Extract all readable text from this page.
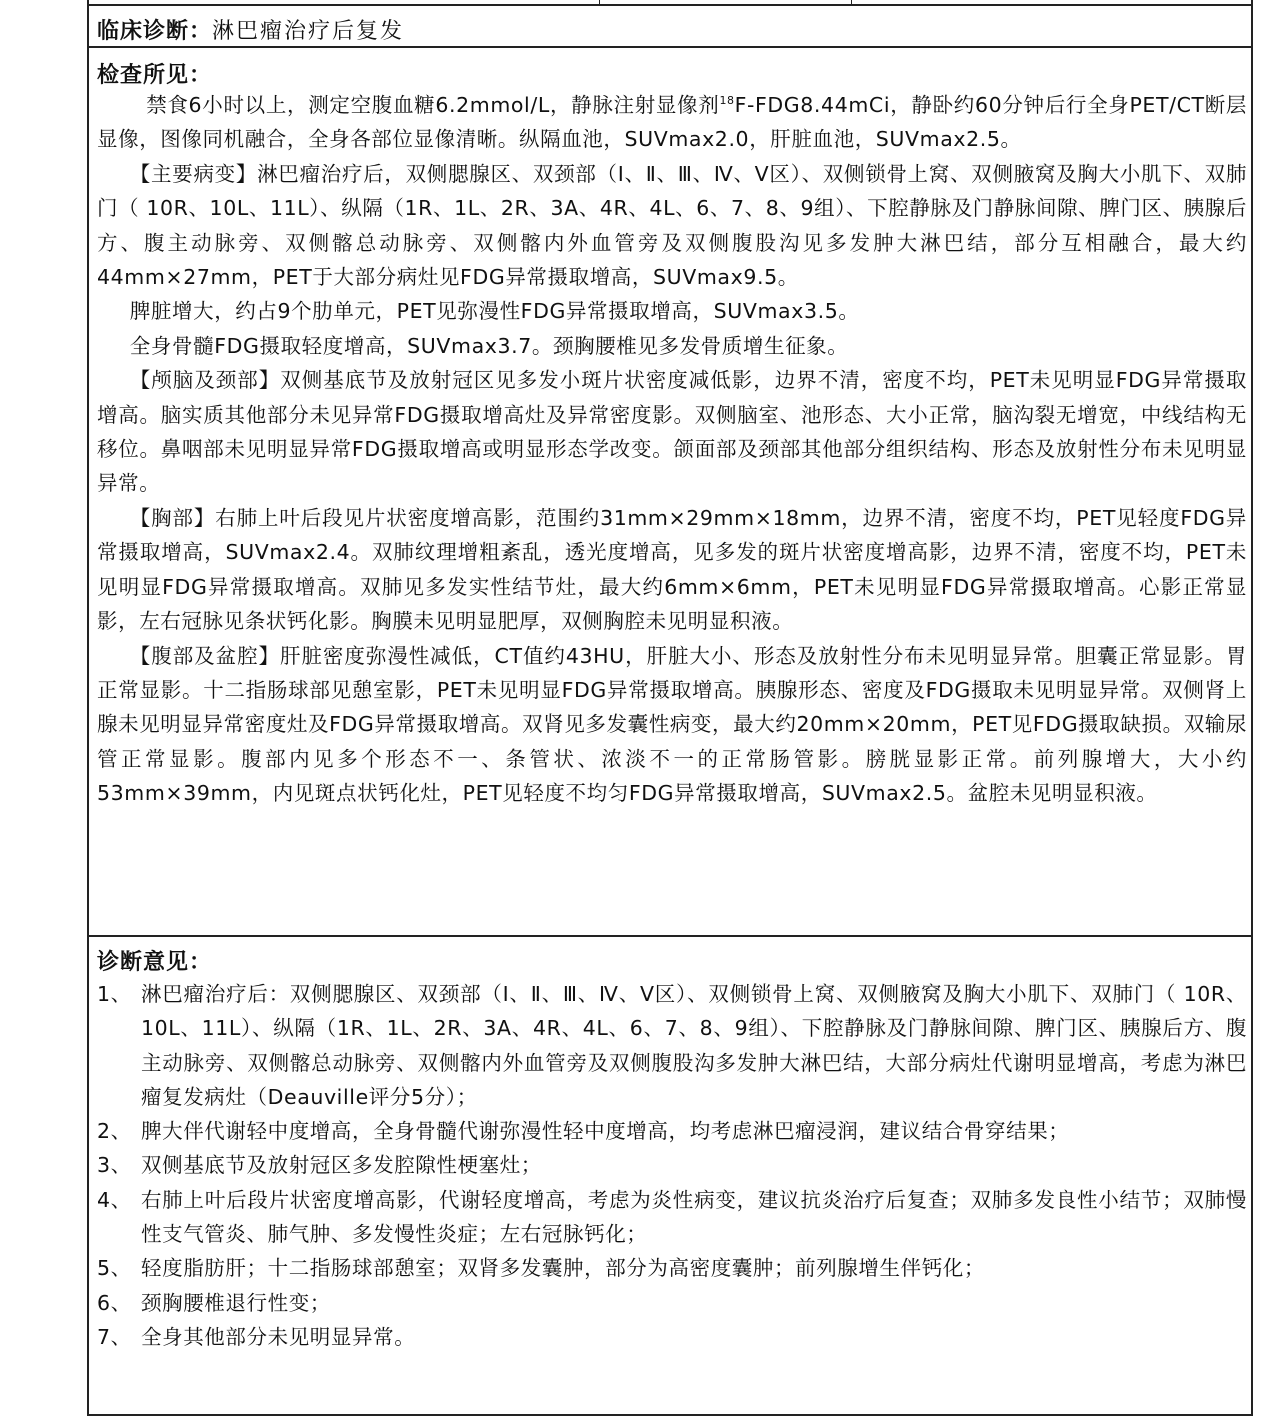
临床诊断：淋巴瘤治疗后复发
检查所见：

禁食6小时以上，测定空腹血糖6.2mmol/L，静脉注射显像剂$^{18}$F-FDG8.44mCi，静卧约60分钟后行全身PET/CT断层显像，图像同机融合，全身各部位显像清晰。纵隔血池，SUVmax2.0，肝脏血池，SUVmax2.5。

【主要病变】淋巴瘤治疗后，双侧腮腺区、双颈部（Ⅰ、Ⅱ、Ⅲ、Ⅳ、Ⅴ区）、双侧锁骨上窝、双侧腋窝及胸大小肌下、双肺门（ 10R、10L、11L）、纵隔（1R、1L、2R、3A、4R、4L、6、7、8、9组）、下腔静脉及门静脉间隙、脾门区、胰腺后方、腹主动脉旁、双侧髂总动脉旁、双侧髂内外血管旁及双侧腹股沟见多发肿大淋巴结，部分互相融合，最大约44mm×27mm，PET于大部分病灶见FDG异常摄取增高，SUVmax9.5。

脾脏增大，约占9个肋单元，PET见弥漫性FDG异常摄取增高，SUVmax3.5。

全身骨髓FDG摄取轻度增高，SUVmax3.7。颈胸腰椎见多发骨质增生征象。

【颅脑及颈部】双侧基底节及放射冠区见多发小斑片状密度减低影，边界不清，密度不均，PET未见明显FDG异常摄取增高。脑实质其他部分未见异常FDG摄取增高灶及异常密度影。双侧脑室、池形态、大小正常，脑沟裂无增宽，中线结构无移位。鼻咽部未见明显异常FDG摄取增高或明显形态学改变。颌面部及颈部其他部分组织结构、形态及放射性分布未见明显异常。

【胸部】右肺上叶后段见片状密度增高影，范围约31mm×29mm×18mm，边界不清，密度不均，PET见轻度FDG异常摄取增高，SUVmax2.4。双肺纹理增粗紊乱，透光度增高，见多发的斑片状密度增高影，边界不清，密度不均，PET未见明显FDG异常摄取增高。双肺见多发实性结节灶，最大约6mm×6mm，PET未见明显FDG异常摄取增高。心影正常显影，左右冠脉见条状钙化影。胸膜未见明显肥厚，双侧胸腔未见明显积液。

【腹部及盆腔】肝脏密度弥漫性减低，CT值约43HU，肝脏大小、形态及放射性分布未见明显异常。胆囊正常显影。胃正常显影。十二指肠球部见憩室影，PET未见明显FDG异常摄取增高。胰腺形态、密度及FDG摄取未见明显异常。双侧肾上腺未见明显异常密度灶及FDG异常摄取增高。双肾见多发囊性病变，最大约20mm×20mm，PET见FDG摄取缺损。双输尿管正常显影。腹部内见多个形态不一、条管状、浓淡不一的正常肠管影。膀胱显影正常。前列腺增大，大小约53mm×39mm，内见斑点状钙化灶，PET见轻度不均匀FDG异常摄取增高，SUVmax2.5。盆腔未见明显积液。

诊断意见：
1、 淋巴瘤治疗后：双侧腮腺区、双颈部（Ⅰ、Ⅱ、Ⅲ、Ⅳ、Ⅴ区）、双侧锁骨上窝、双侧腋窝及胸大小肌下、双肺门（ 10R、10L、11L）、纵隔（1R、1L、2R、3A、4R、4L、6、7、8、9组）、下腔静脉及门静脉间隙、脾门区、胰腺后方、腹主动脉旁、双侧髂总动脉旁、双侧髂内外血管旁及双侧腹股沟多发肿大淋巴结，大部分病灶代谢明显增高，考虑为淋巴瘤复发病灶（Deauville评分5分）；
2、 脾大伴代谢轻中度增高，全身骨髓代谢弥漫性轻中度增高，均考虑淋巴瘤浸润，建议结合骨穿结果；
3、 双侧基底节及放射冠区多发腔隙性梗塞灶；
4、 右肺上叶后段片状密度增高影，代谢轻度增高，考虑为炎性病变，建议抗炎治疗后复查；双肺多发良性小结节；双肺慢性支气管炎、肺气肿、多发慢性炎症；左右冠脉钙化；
5、 轻度脂肪肝；十二指肠球部憩室；双肾多发囊肿，部分为高密度囊肿；前列腺增生伴钙化；
6、 颈胸腰椎退行性变；
7、 全身其他部分未见明显异常。
